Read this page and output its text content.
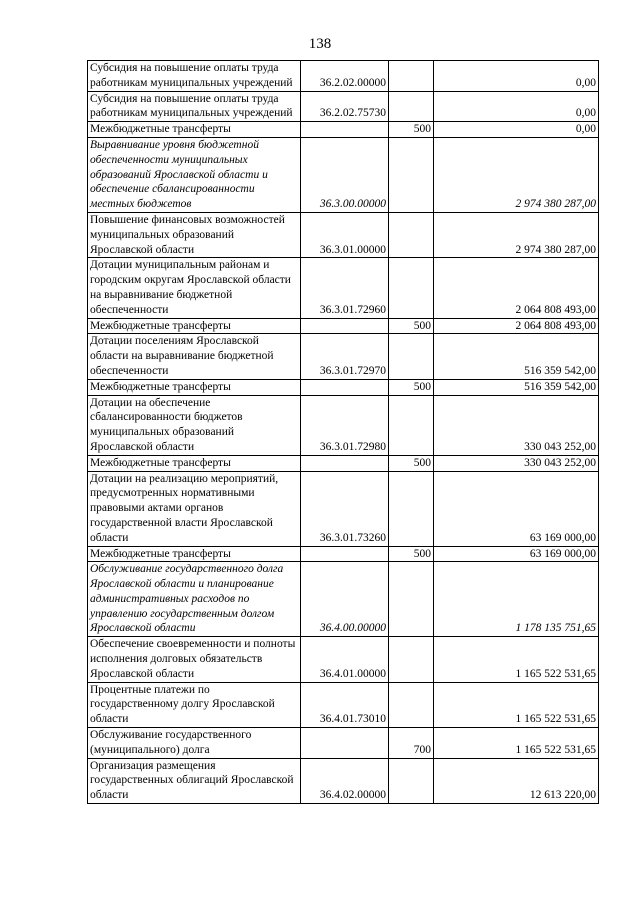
138
Субсидия на повышение оплаты труда работникам муниципальных учреждений	36.2.02.00000		0,00
Субсидия на повышение оплаты труда работникам муниципальных учреждений	36.2.02.75730		0,00
Межбюджетные трансферты		500	0,00
Выравнивание уровня бюджетной обеспеченности муниципальных образований Ярославской области и обеспечение сбалансированности местных бюджетов	36.3.00.00000		2 974 380 287,00
Повышение финансовых возможностей муниципальных образований Ярославской области	36.3.01.00000		2 974 380 287,00
Дотации муниципальным районам и городским округам Ярославской области на выравнивание бюджетной обеспеченности	36.3.01.72960		2 064 808 493,00
Межбюджетные трансферты		500	2 064 808 493,00
Дотации поселениям Ярославской области на выравнивание бюджетной обеспеченности	36.3.01.72970		516 359 542,00
Межбюджетные трансферты		500	516 359 542,00
Дотации на обеспечение сбалансированности бюджетов муниципальных образований Ярославской области	36.3.01.72980		330 043 252,00
Межбюджетные трансферты		500	330 043 252,00
Дотации на реализацию мероприятий, предусмотренных нормативными правовыми актами органов государственной власти Ярославской области	36.3.01.73260		63 169 000,00
Межбюджетные трансферты		500	63 169 000,00
Обслуживание государственного долга Ярославской области и планирование административных расходов по управлению государственным долгом Ярославской области	36.4.00.00000		1 178 135 751,65
Обеспечение своевременности и полноты исполнения долговых обязательств Ярославской области	36.4.01.00000		1 165 522 531,65
Процентные платежи по государственному долгу Ярославской области	36.4.01.73010		1 165 522 531,65
Обслуживание государственного (муниципального) долга		700	1 165 522 531,65
Организация размещения государственных облигаций Ярославской области	36.4.02.00000		12 613 220,00
